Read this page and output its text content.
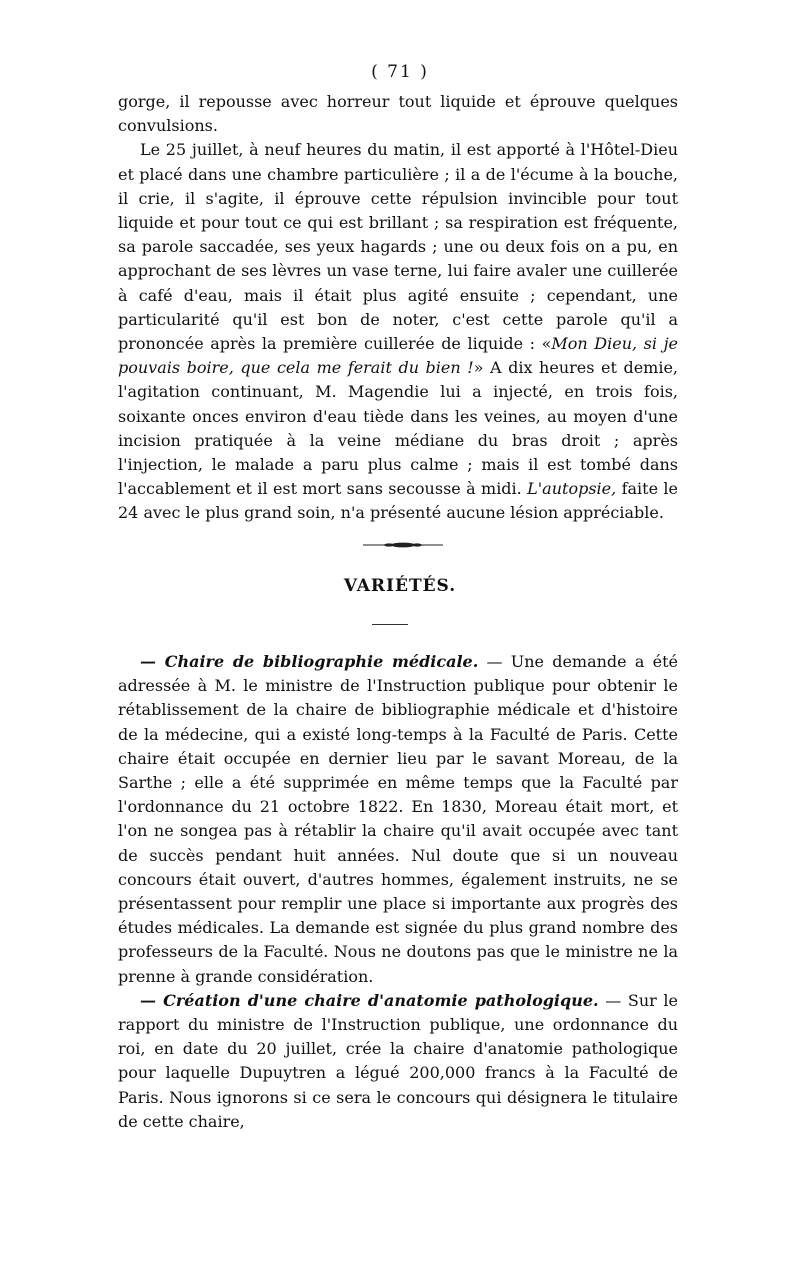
( 71 )

gorge, il repousse avec horreur tout liquide et éprouve quelques convulsions.

Le 25 juillet, à neuf heures du matin, il est apporté à l'Hôtel-Dieu et placé dans une chambre particulière ; il a de l'écume à la bouche, il crie, il s'agite, il éprouve cette répulsion invincible pour tout liquide et pour tout ce qui est brillant ; sa respiration est fréquente, sa parole saccadée, ses yeux hagards ; une ou deux fois on a pu, en approchant de ses lèvres un vase terne, lui faire avaler une cuillerée à café d'eau, mais il était plus agité ensuite ; cependant, une particularité qu'il est bon de noter, c'est cette parole qu'il a prononcée après la première cuillerée de liquide : «Mon Dieu, si je pouvais boire, que cela me ferait du bien !» A dix heures et demie, l'agitation continuant, M. Magendie lui a injecté, en trois fois, soixante onces environ d'eau tiède dans les veines, au moyen d'une incision pratiquée à la veine médiane du bras droit ; après l'injection, le malade a paru plus calme ; mais il est tombé dans l'accablement et il est mort sans secousse à midi. L'autopsie, faite le 24 avec le plus grand soin, n'a présenté aucune lésion appréciable.

VARIÉTÉS.

— Chaire de bibliographie médicale. — Une demande a été adressée à M. le ministre de l'Instruction publique pour obtenir le rétablissement de la chaire de bibliographie médicale et d'histoire de la médecine, qui a existé long-temps à la Faculté de Paris. Cette chaire était occupée en dernier lieu par le savant Moreau, de la Sarthe ; elle a été supprimée en même temps que la Faculté par l'ordonnance du 21 octobre 1822. En 1830, Moreau était mort, et l'on ne songea pas à rétablir la chaire qu'il avait occupée avec tant de succès pendant huit années. Nul doute que si un nouveau concours était ouvert, d'autres hommes, également instruits, ne se présentassent pour remplir une place si importante aux progrès des études médicales. La demande est signée du plus grand nombre des professeurs de la Faculté. Nous ne doutons pas que le ministre ne la prenne à grande considération.

— Création d'une chaire d'anatomie pathologique. — Sur le rapport du ministre de l'Instruction publique, une ordonnance du roi, en date du 20 juillet, crée la chaire d'anatomie pathologique pour laquelle Dupuytren a légué 200,000 francs à la Faculté de Paris. Nous ignorons si ce sera le concours qui désignera le titulaire de cette chaire,
